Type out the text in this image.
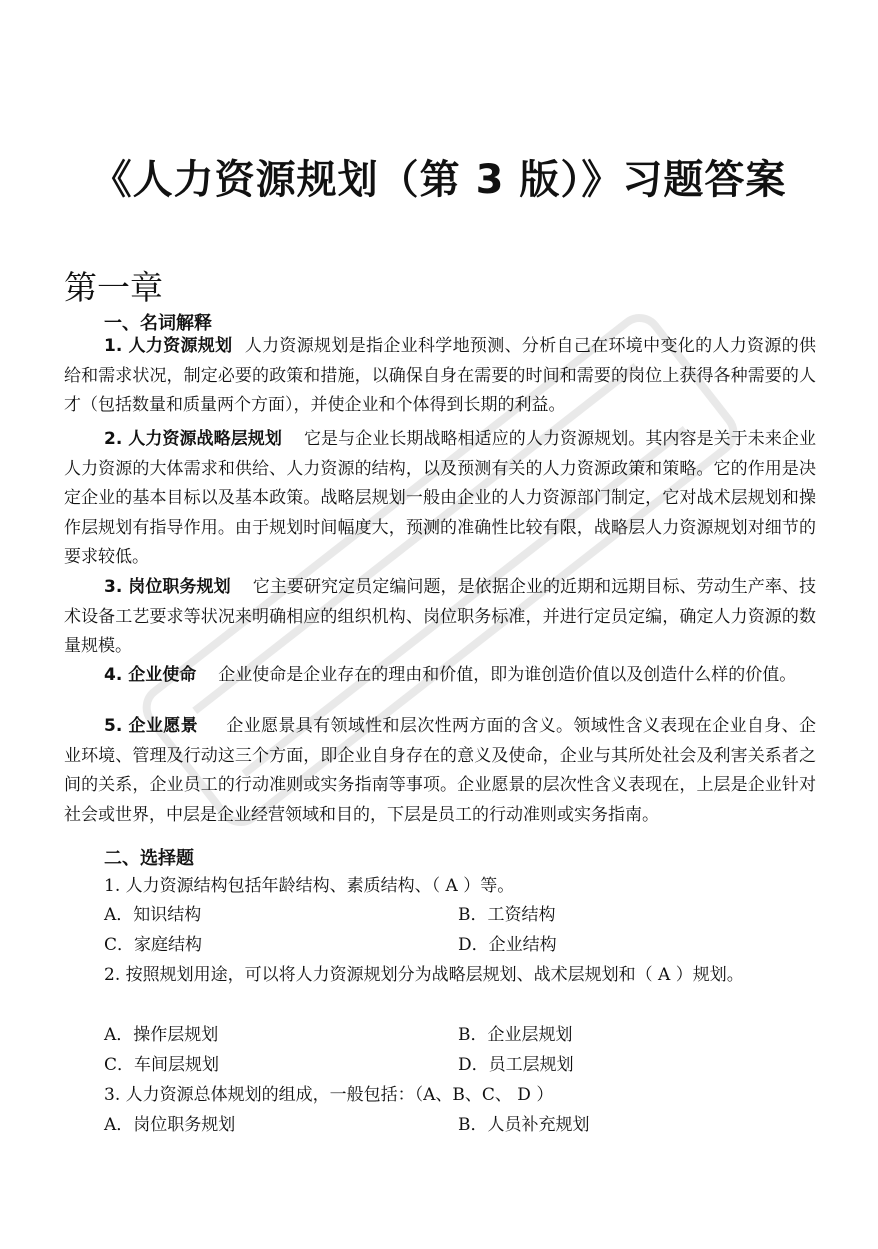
《人力资源规划（第 3 版）》习题答案
第一章
一、名词解释
1. 人力资源规划 人力资源规划是指企业科学地预测、分析自己在环境中变化的人力资源的供给和需求状况，制定必要的政策和措施，以确保自身在需要的时间和需要的岗位上获得各种需要的人才（包括数量和质量两个方面），并使企业和个体得到长期的利益。
2. 人力资源战略层规划 它是与企业长期战略相适应的人力资源规划。其内容是关于未来企业人力资源的大体需求和供给、人力资源的结构，以及预测有关的人力资源政策和策略。它的作用是决定企业的基本目标以及基本政策。战略层规划一般由企业的人力资源部门制定，它对战术层规划和操作层规划有指导作用。由于规划时间幅度大，预测的准确性比较有限，战略层人力资源规划对细节的要求较低。
3. 岗位职务规划 它主要研究定员定编问题，是依据企业的近期和远期目标、劳动生产率、技术设备工艺要求等状况来明确相应的组织机构、岗位职务标准，并进行定员定编，确定人力资源的数量规模。
4. 企业使命 企业使命是企业存在的理由和价值，即为谁创造价值以及创造什么样的价值。
5. 企业愿景 企业愿景具有领域性和层次性两方面的含义。领域性含义表现在企业自身、企业环境、管理及行动这三个方面，即企业自身存在的意义及使命，企业与其所处社会及利害关系者之间的关系，企业员工的行动准则或实务指南等事项。企业愿景的层次性含义表现在，上层是企业针对社会或世界，中层是企业经营领域和目的，下层是员工的行动准则或实务指南。
二、选择题
1. 人力资源结构包括年龄结构、素质结构、（ A ）等。
A．知识结构	B．工资结构
C．家庭结构	D．企业结构
2. 按照规划用途，可以将人力资源规划分为战略层规划、战术层规划和（ A ）规划。
A．操作层规划	B．企业层规划
C．车间层规划	D．员工层规划
3. 人力资源总体规划的组成，一般包括：（A、B、C、 D ）
A．岗位职务规划	B．人员补充规划
